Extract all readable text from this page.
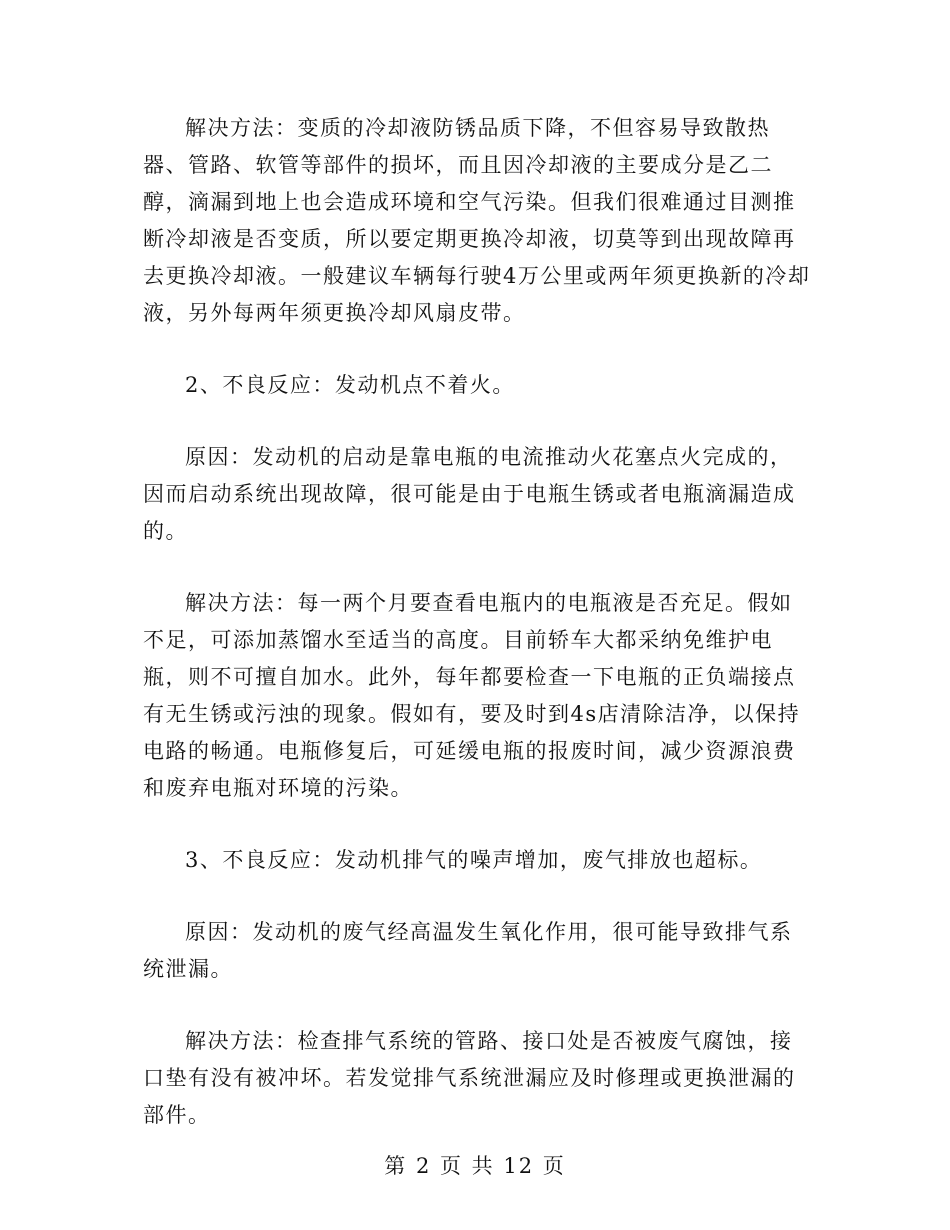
解决方法：变质的冷却液防锈品质下降，不但容易导致散热器、管路、软管等部件的损坏，而且因冷却液的主要成分是乙二醇，滴漏到地上也会造成环境和空气污染。但我们很难通过目测推断冷却液是否变质，所以要定期更换冷却液，切莫等到出现故障再去更换冷却液。一般建议车辆每行驶4万公里或两年须更换新的冷却液，另外每两年须更换冷却风扇皮带。

2、不良反应：发动机点不着火。

原因：发动机的启动是靠电瓶的电流推动火花塞点火完成的，因而启动系统出现故障，很可能是由于电瓶生锈或者电瓶滴漏造成的。

解决方法：每一两个月要查看电瓶内的电瓶液是否充足。假如不足，可添加蒸馏水至适当的高度。目前轿车大都采纳免维护电瓶，则不可擅自加水。此外，每年都要检查一下电瓶的正负端接点有无生锈或污浊的现象。假如有，要及时到4s店清除洁净，以保持电路的畅通。电瓶修复后，可延缓电瓶的报废时间，减少资源浪费和废弃电瓶对环境的污染。

3、不良反应：发动机排气的噪声增加，废气排放也超标。

原因：发动机的废气经高温发生氧化作用，很可能导致排气系统泄漏。

解决方法：检查排气系统的管路、接口处是否被废气腐蚀，接口垫有没有被冲坏。若发觉排气系统泄漏应及时修理或更换泄漏的部件。

第 2 页 共 12 页
